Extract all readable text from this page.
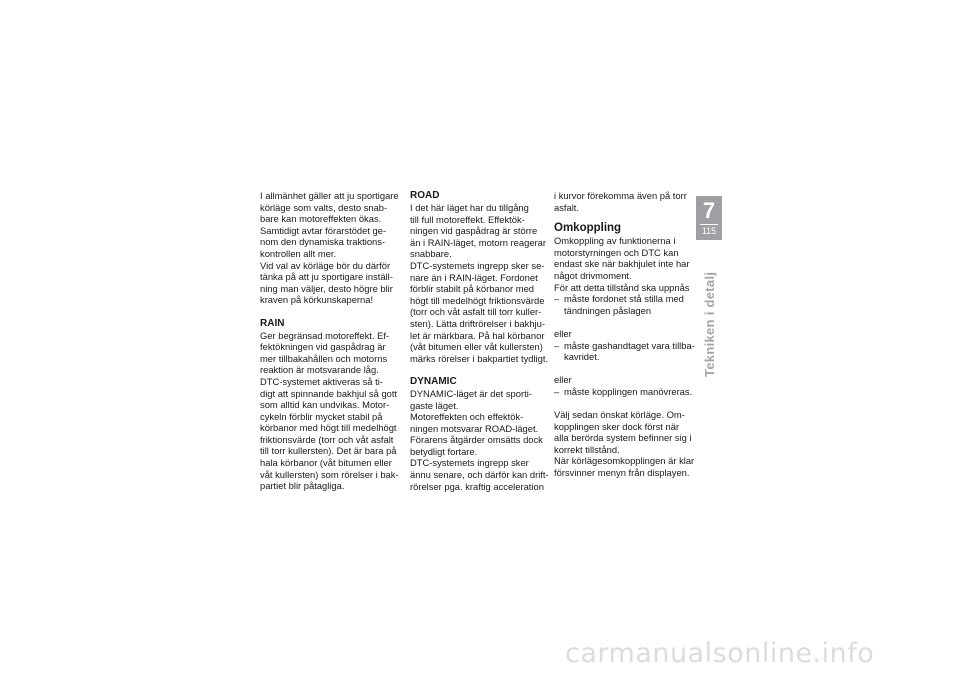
I allmänhet gäller att ju sportigare
körläge som valts, desto snab-
bare kan motoreffekten ökas.
Samtidigt avtar förarstödet ge-
nom den dynamiska traktions-
kontrollen allt mer.
Vid val av körläge bör du därför
tänka på att ju sportigare inställ-
ning man väljer, desto högre blir
kraven på körkunskaperna!
RAIN
Ger begränsad motoreffekt. Ef-
fektökningen vid gaspådrag är
mer tillbakahållen och motorns
reaktion är motsvarande låg.
DTC-systemet aktiveras så ti-
digt att spinnande bakhjul så gott
som alltid kan undvikas. Motor-
cykeln förblir mycket stabil på
körbanor med högt till medelhögt
friktionsvärde (torr och våt asfalt
till torr kullersten). Det är bara på
hala körbanor (våt bitumen eller
våt kullersten) som rörelser i bak-
partiet blir påtagliga.
ROAD
I det här läget har du tillgång
till full motoreffekt. Effektök-
ningen vid gaspådrag är större
än i RAIN-läget, motorn reagerar
snabbare.
DTC-systemets ingrepp sker se-
nare än i RAIN-läget. Fordonet
förblir stabilt på körbanor med
högt till medelhögt friktionsvärde
(torr och våt asfalt till torr kuller-
sten). Lätta driftrörelser i bakhju-
let är märkbara. På hal körbanor
(våt bitumen eller våt kullersten)
märks rörelser i bakpartiet tydligt.
DYNAMIC
DYNAMIC-läget är det sporti-
gaste läget.
Motoreffekten och effektök-
ningen motsvarar ROAD-läget.
Förarens åtgärder omsätts dock
betydligt fortare.
DTC-systemets ingrepp sker
ännu senare, och därför kan drift-
rörelser pga. kraftig acceleration
i kurvor förekomma även på torr
asfalt.
Omkoppling
Omkoppling av funktionerna i
motorstyrningen och DTC kan
endast ske när bakhjulet inte har
något drivmoment.
För att detta tillstånd ska uppnås
– måste fordonet stå stilla med
tändningen påslagen
eller
– måste gashandtaget vara tillba-
kavridet.
eller
– måste kopplingen manövreras.
Välj sedan önskat körläge. Om-
kopplingen sker dock först när
alla berörda system befinner sig i
korrekt tillstånd.
När körlägesomkopplingen är klar
försvinner menyn från displayen.
7
115
Tekniken i detalj
carmanualsonline.info
